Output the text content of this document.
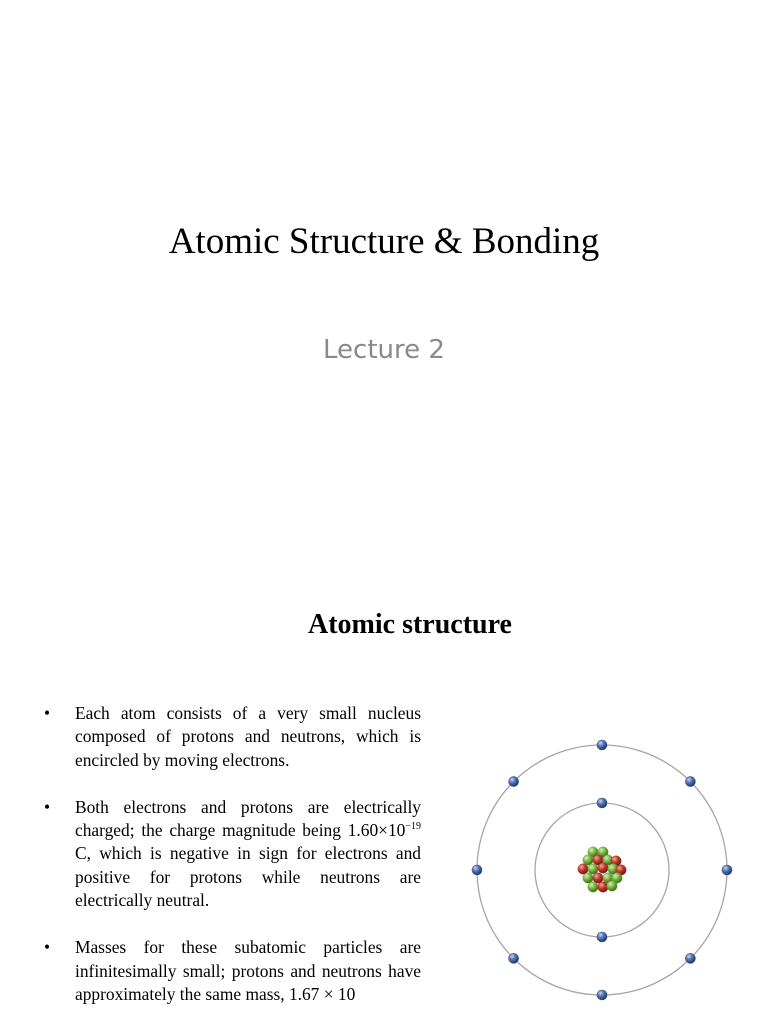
Atomic Structure & Bonding
Lecture 2
Atomic structure
• Each atom consists of a very small nucleus composed of protons and neutrons, which is encircled by moving electrons.
• Both electrons and protons are electrically charged; the charge magnitude being $1.60\times 10^{-19}$ C, which is negative in sign for electrons and positive for protons while neutrons are electrically neutral.
• Masses for these subatomic particles are infinitesimally small; protons and neutrons have approximately the same mass, 1.67 × 10
